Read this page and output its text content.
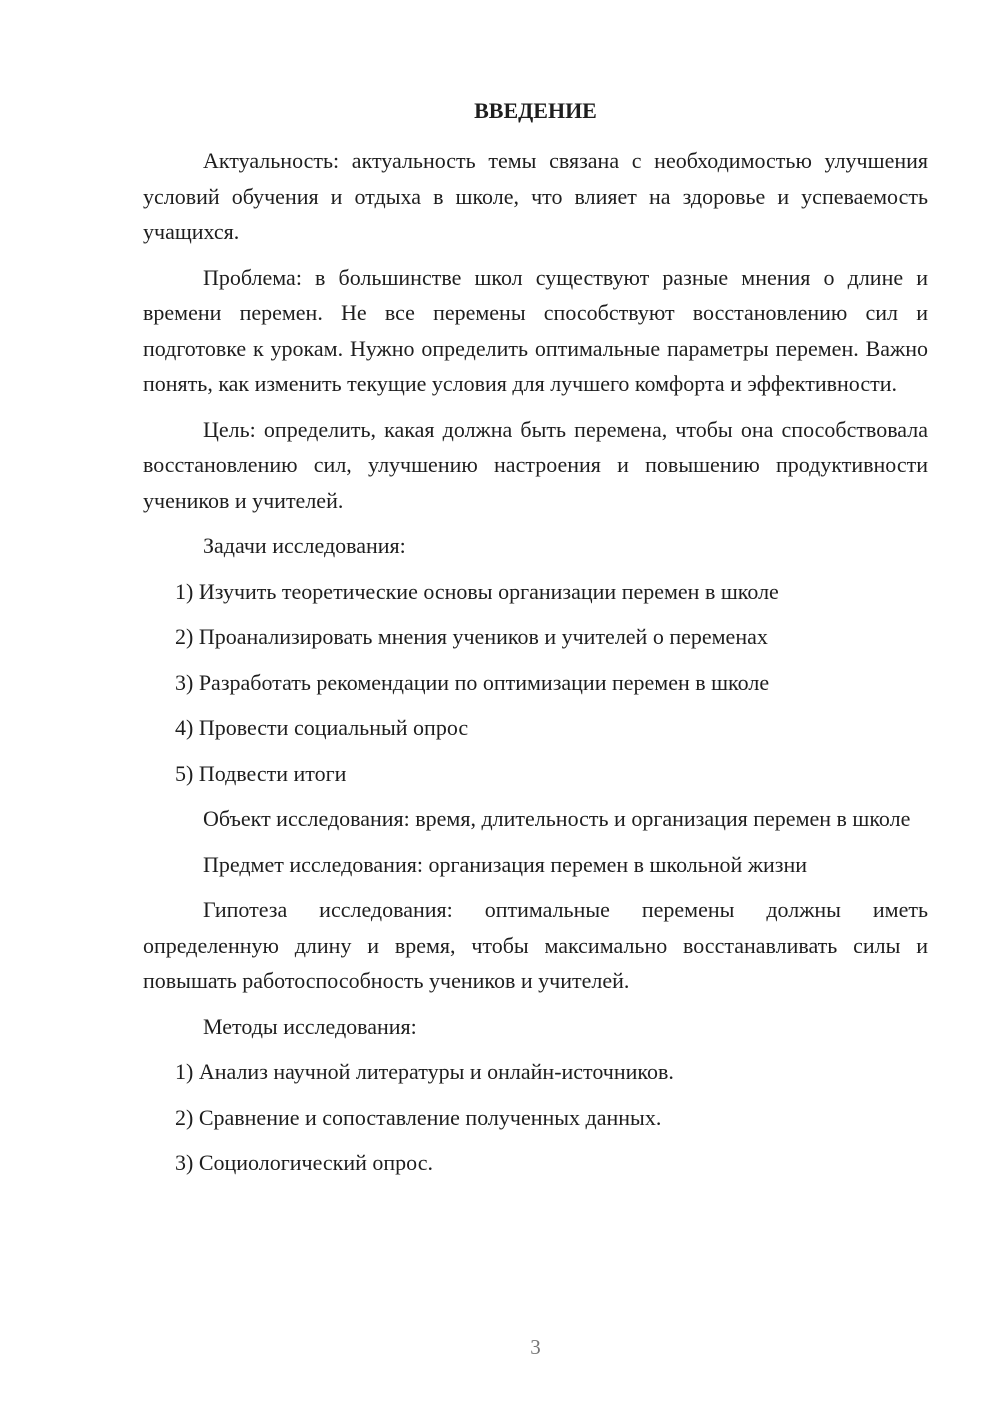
ВВЕДЕНИЕ

Актуальность: актуальность темы связана с необходимостью улучшения условий обучения и отдыха в школе, что влияет на здоровье и успеваемость учащихся.

Проблема: в большинстве школ существуют разные мнения о длине и времени перемен. Не все перемены способствуют восстановлению сил и подготовке к урокам. Нужно определить оптимальные параметры перемен. Важно понять, как изменить текущие условия для лучшего комфорта и эффективности.

Цель: определить, какая должна быть перемена, чтобы она способствовала восстановлению сил, улучшению настроения и повышению продуктивности учеников и учителей.

Задачи исследования:

1) Изучить теоретические основы организации перемен в школе

2) Проанализировать мнения учеников и учителей о переменах

3) Разработать рекомендации по оптимизации перемен в школе

4) Провести социальный опрос

5) Подвести итоги

Объект исследования: время, длительность и организация перемен в школе

Предмет исследования: организация перемен в школьной жизни

Гипотеза исследования: оптимальные перемены должны иметь определенную длину и время, чтобы максимально восстанавливать силы и повышать работоспособность учеников и учителей.

Методы исследования:

1) Анализ научной литературы и онлайн-источников.

2) Сравнение и сопоставление полученных данных.

3) Социологический опрос.

3
